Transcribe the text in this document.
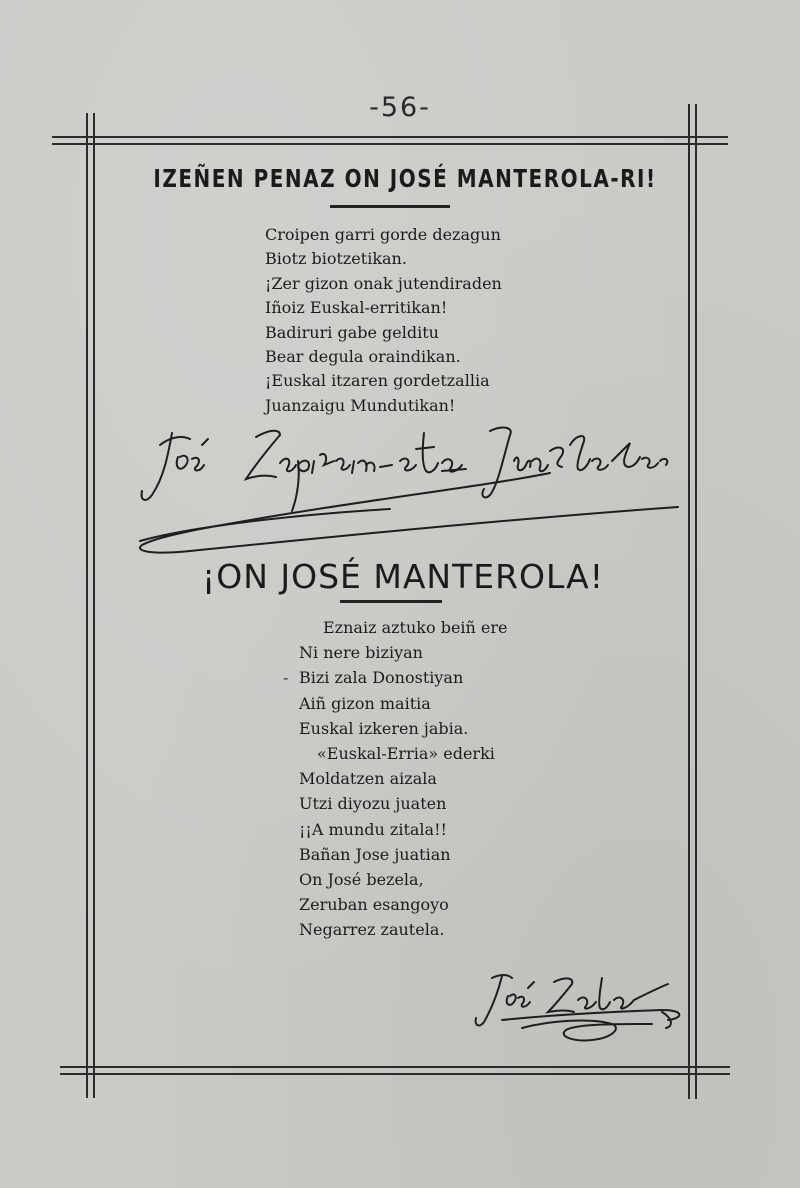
-56-
IZEÑEN PENAZ ON JOSÉ MANTEROLA-RI!
Croipen garri gorde dezagun
Biotz biotzetikan.
¡Zer gizon onak jutendiraden
Iñoiz Euskal-erritikan!
Badiruri gabe gelditu
Bear degula oraindikan.
¡Euskal itzaren gordetzallia
Juanzaigu Mundutikan!
¡ON JOSÉ MANTEROLA!
-
Eznaiz aztuko beiñ ere
Ni nere biziyan
Bizi zala Donostiyan
Aiñ gizon maitia
Euskal izkeren jabia.
«Euskal-Erria» ederki
Moldatzen aizala
Utzi diyozu juaten
¡¡A mundu zitala!!
Bañan Jose juatian
On José bezela,
Zeruban esangoyo
Negarrez zautela.
